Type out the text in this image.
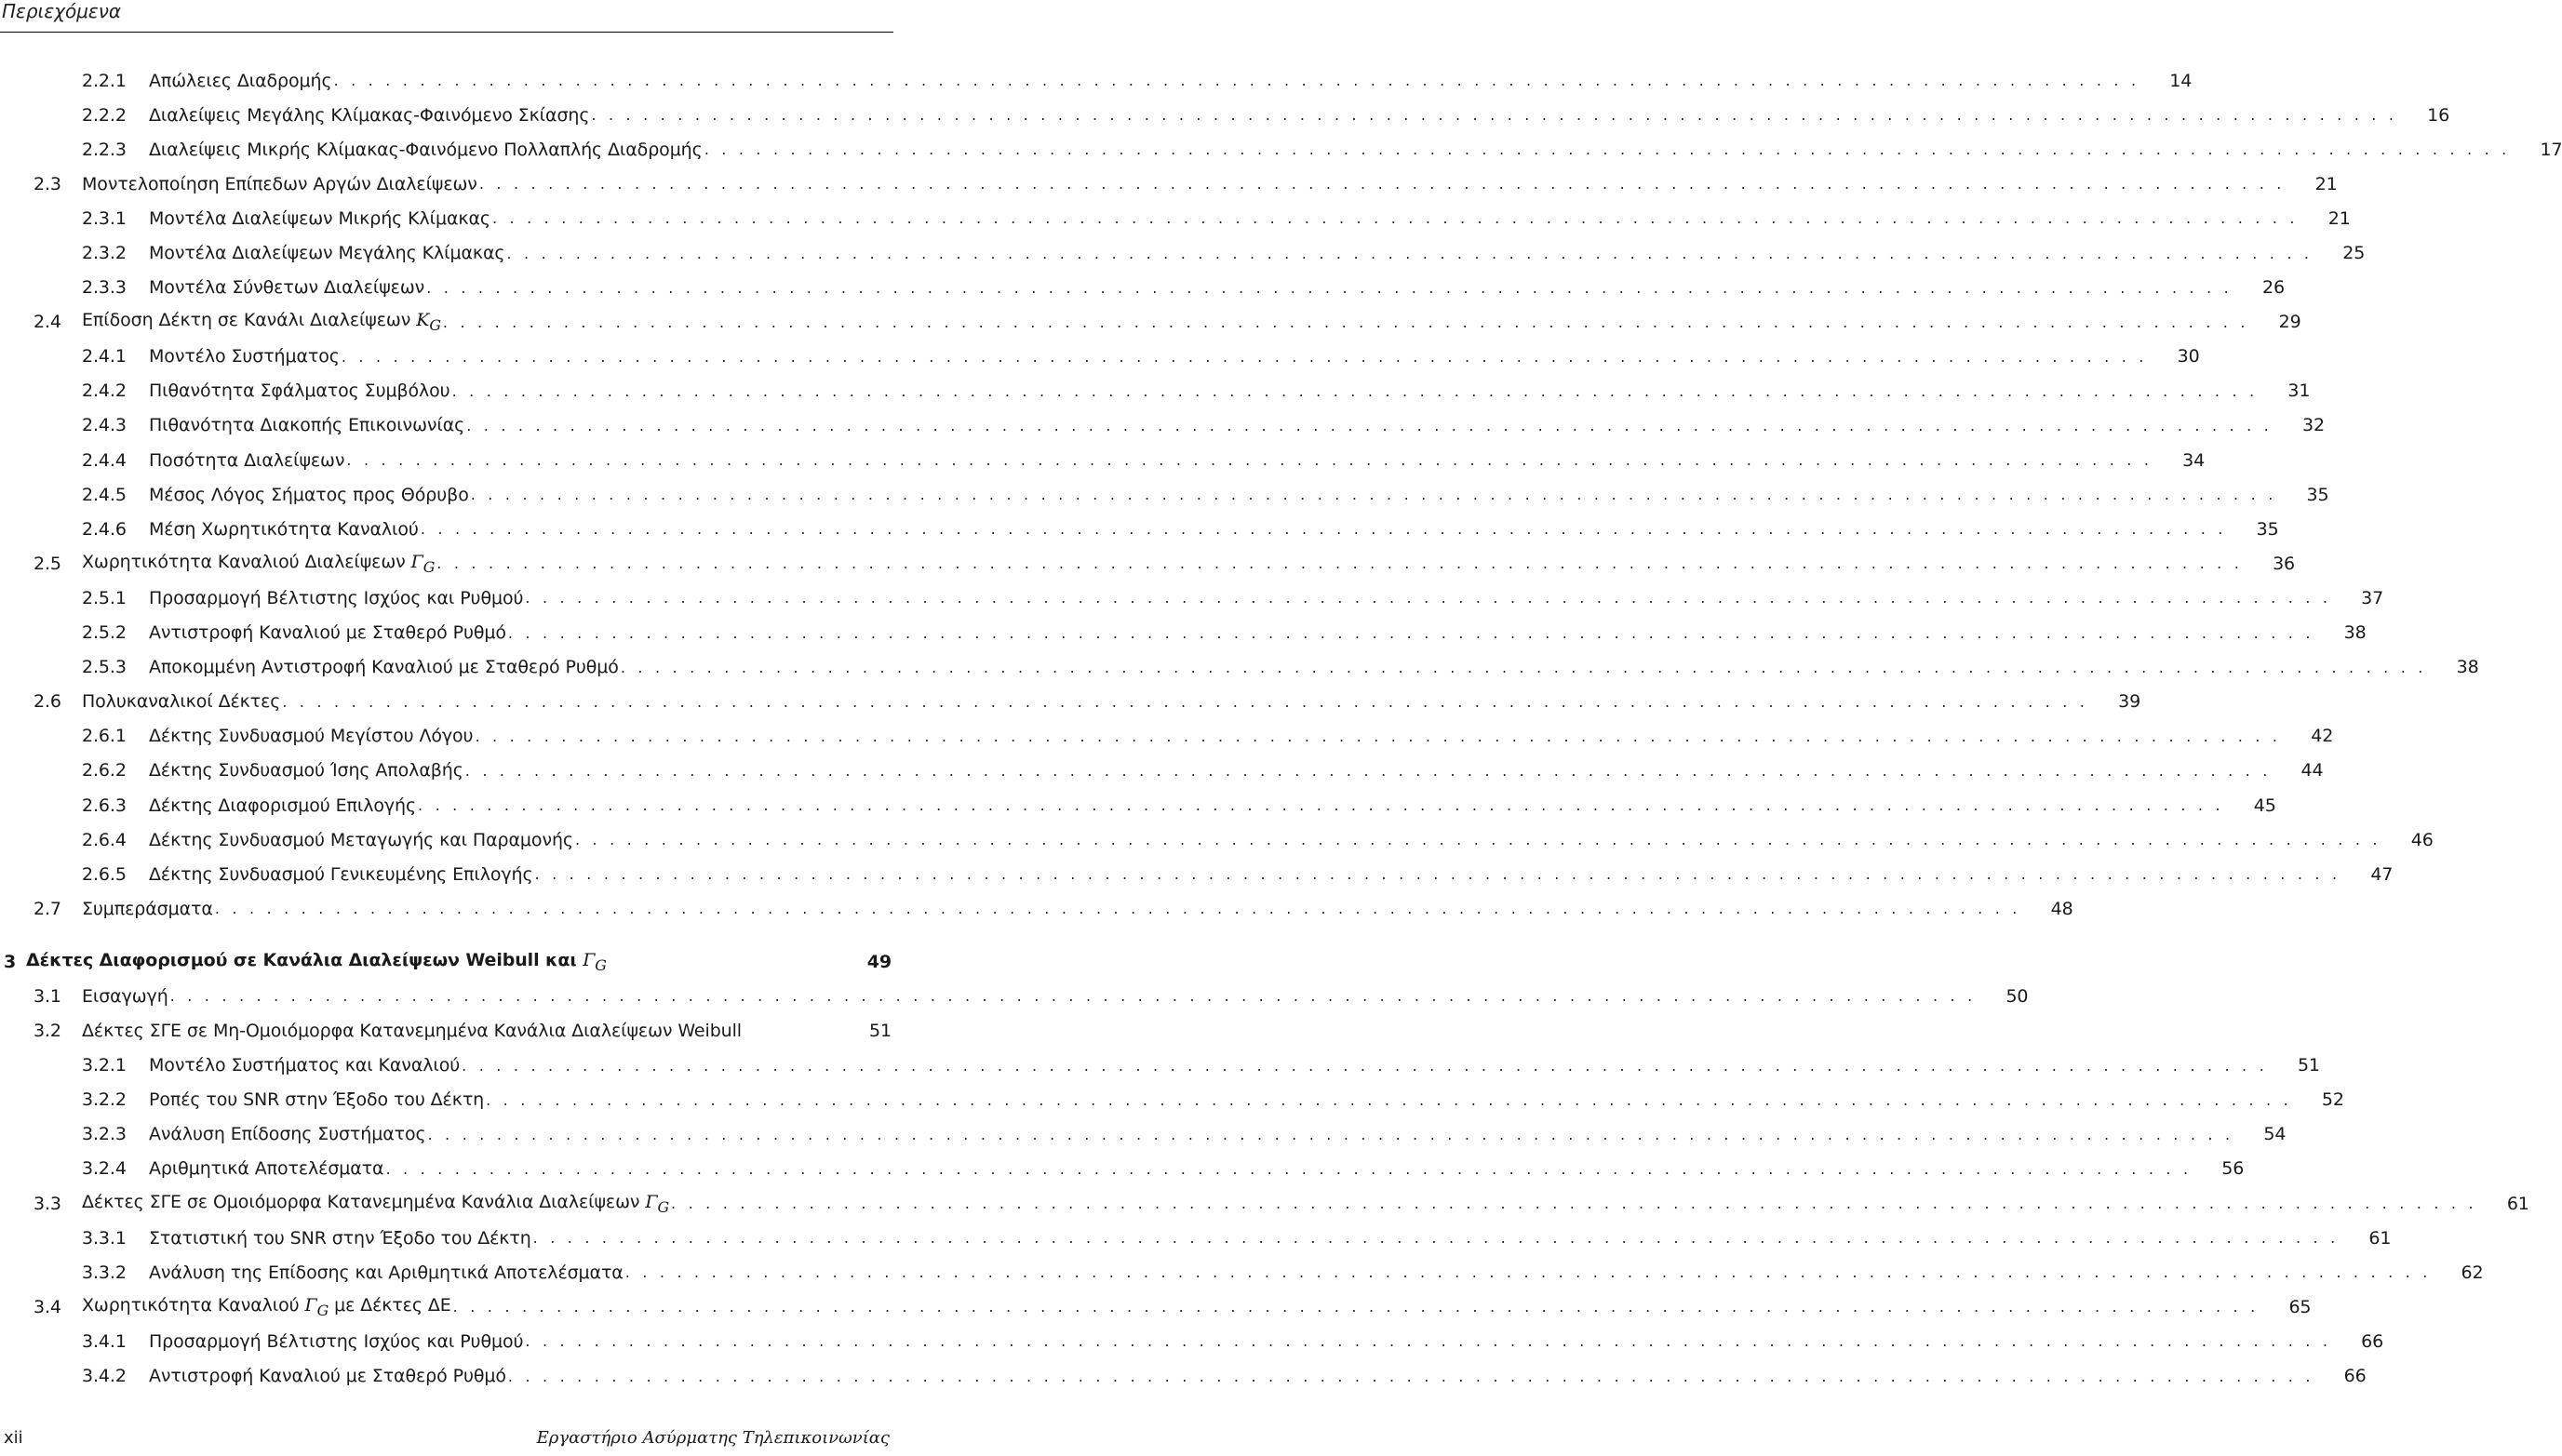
Περιεχόμενα
2.2.1	Απώλειες Διαδρομής . . . . . . . . . . . . . . . . . . . . . . . . . . . . . . . . . . . . . . . . . . . . . . . . . . . . . . . . . . . . . . . . . . . . . . . . . . . . . . . . . . . . . . . . . . . . . . . . . . . . . . . . .	14
2.2.2	Διαλείψεις Μεγάλης Κλίμακας-Φαινόμενο Σκίασης . . . . . . . . . . . . . . . . . . . . . . . . . . . . . . . . . . . . . . . . . . . . . . . . . . . . . . . . . . . . . . . . . . . . . . . . . . . . . . . . . . . . . . . . . . . . . . . . . . . . . . . . .	16
2.2.3	Διαλείψεις Μικρής Κλίμακας-Φαινόμενο Πολλαπλής Διαδρομής . . . . . . . . . . . . . . . . . . . . . . . . . . . . . . . . . . . . . . . . . . . . . . . . . . . . . . . . . . . . . . . . . . . . . . . . . . . . . . . . . . . . . . . . . . . . . . . . . . . . . . . . .	17
2.3	Μοντελοποίηση Επίπεδων Αργών Διαλείψεων . . . . . . . . . . . . . . . . . . . . . . . . . . . . . . . . . . . . . . . . . . . . . . . . . . . . . . . . . . . . . . . . . . . . . . . . . . . . . . . . . . . . . . . . . . . . . . . . . . . . . . . . .	21
2.3.1	Μοντέλα Διαλείψεων Μικρής Κλίμακας . . . . . . . . . . . . . . . . . . . . . . . . . . . . . . . . . . . . . . . . . . . . . . . . . . . . . . . . . . . . . . . . . . . . . . . . . . . . . . . . . . . . . . . . . . . . . . . . . . . . . . . . .	21
2.3.2	Μοντέλα Διαλείψεων Μεγάλης Κλίμακας . . . . . . . . . . . . . . . . . . . . . . . . . . . . . . . . . . . . . . . . . . . . . . . . . . . . . . . . . . . . . . . . . . . . . . . . . . . . . . . . . . . . . . . . . . . . . . . . . . . . . . . . .	25
2.3.3	Μοντέλα Σύνθετων Διαλείψεων . . . . . . . . . . . . . . . . . . . . . . . . . . . . . . . . . . . . . . . . . . . . . . . . . . . . . . . . . . . . . . . . . . . . . . . . . . . . . . . . . . . . . . . . . . . . . . . . . . . . . . . . .	26
2.4	Επίδοση Δέκτη σε Κανάλι Διαλείψεων $K_G$ . . . . . . . . . . . . . . . . . . . . . . . . . . . . . . . . . . . . . . . . . . . . . . . . . . . . . . . . . . . . . . . . . . . . . . . . . . . . . . . . . . . . . . . . . . . . . . . . . . . . . . . . .	29
2.4.1	Μοντέλο Συστήματος . . . . . . . . . . . . . . . . . . . . . . . . . . . . . . . . . . . . . . . . . . . . . . . . . . . . . . . . . . . . . . . . . . . . . . . . . . . . . . . . . . . . . . . . . . . . . . . . . . . . . . . . .	30
2.4.2	Πιθανότητα Σφάλματος Συμβόλου . . . . . . . . . . . . . . . . . . . . . . . . . . . . . . . . . . . . . . . . . . . . . . . . . . . . . . . . . . . . . . . . . . . . . . . . . . . . . . . . . . . . . . . . . . . . . . . . . . . . . . . . .	31
2.4.3	Πιθανότητα Διακοπής Επικοινωνίας . . . . . . . . . . . . . . . . . . . . . . . . . . . . . . . . . . . . . . . . . . . . . . . . . . . . . . . . . . . . . . . . . . . . . . . . . . . . . . . . . . . . . . . . . . . . . . . . . . . . . . . . .	32
2.4.4	Ποσότητα Διαλείψεων . . . . . . . . . . . . . . . . . . . . . . . . . . . . . . . . . . . . . . . . . . . . . . . . . . . . . . . . . . . . . . . . . . . . . . . . . . . . . . . . . . . . . . . . . . . . . . . . . . . . . . . . .	34
2.4.5	Μέσος Λόγος Σήματος προς Θόρυβο . . . . . . . . . . . . . . . . . . . . . . . . . . . . . . . . . . . . . . . . . . . . . . . . . . . . . . . . . . . . . . . . . . . . . . . . . . . . . . . . . . . . . . . . . . . . . . . . . . . . . . . . .	35
2.4.6	Μέση Χωρητικότητα Καναλιού . . . . . . . . . . . . . . . . . . . . . . . . . . . . . . . . . . . . . . . . . . . . . . . . . . . . . . . . . . . . . . . . . . . . . . . . . . . . . . . . . . . . . . . . . . . . . . . . . . . . . . . . .	35
2.5	Χωρητικότητα Καναλιού Διαλείψεων $\Gamma_G$ . . . . . . . . . . . . . . . . . . . . . . . . . . . . . . . . . . . . . . . . . . . . . . . . . . . . . . . . . . . . . . . . . . . . . . . . . . . . . . . . . . . . . . . . . . . . . . . . . . . . . . . . .	36
2.5.1	Προσαρμογή Βέλτιστης Ισχύος και Ρυθμού . . . . . . . . . . . . . . . . . . . . . . . . . . . . . . . . . . . . . . . . . . . . . . . . . . . . . . . . . . . . . . . . . . . . . . . . . . . . . . . . . . . . . . . . . . . . . . . . . . . . . . . . .	37
2.5.2	Αντιστροφή Καναλιού με Σταθερό Ρυθμό . . . . . . . . . . . . . . . . . . . . . . . . . . . . . . . . . . . . . . . . . . . . . . . . . . . . . . . . . . . . . . . . . . . . . . . . . . . . . . . . . . . . . . . . . . . . . . . . . . . . . . . . .	38
2.5.3	Αποκομμένη Αντιστροφή Καναλιού με Σταθερό Ρυθμό . . . . . . . . . . . . . . . . . . . . . . . . . . . . . . . . . . . . . . . . . . . . . . . . . . . . . . . . . . . . . . . . . . . . . . . . . . . . . . . . . . . . . . . . . . . . . . . . . . . . . . . . .	38
2.6	Πολυκαναλικοί Δέκτες . . . . . . . . . . . . . . . . . . . . . . . . . . . . . . . . . . . . . . . . . . . . . . . . . . . . . . . . . . . . . . . . . . . . . . . . . . . . . . . . . . . . . . . . . . . . . . . . . . . . . . . . .	39
2.6.1	Δέκτης Συνδυασμού Μεγίστου Λόγου . . . . . . . . . . . . . . . . . . . . . . . . . . . . . . . . . . . . . . . . . . . . . . . . . . . . . . . . . . . . . . . . . . . . . . . . . . . . . . . . . . . . . . . . . . . . . . . . . . . . . . . . .	42
2.6.2	Δέκτης Συνδυασμού Ίσης Απολαβής . . . . . . . . . . . . . . . . . . . . . . . . . . . . . . . . . . . . . . . . . . . . . . . . . . . . . . . . . . . . . . . . . . . . . . . . . . . . . . . . . . . . . . . . . . . . . . . . . . . . . . . . .	44
2.6.3	Δέκτης Διαφορισμού Επιλογής . . . . . . . . . . . . . . . . . . . . . . . . . . . . . . . . . . . . . . . . . . . . . . . . . . . . . . . . . . . . . . . . . . . . . . . . . . . . . . . . . . . . . . . . . . . . . . . . . . . . . . . . .	45
2.6.4	Δέκτης Συνδυασμού Μεταγωγής και Παραμονής . . . . . . . . . . . . . . . . . . . . . . . . . . . . . . . . . . . . . . . . . . . . . . . . . . . . . . . . . . . . . . . . . . . . . . . . . . . . . . . . . . . . . . . . . . . . . . . . . . . . . . . . .	46
2.6.5	Δέκτης Συνδυασμού Γενικευμένης Επιλογής . . . . . . . . . . . . . . . . . . . . . . . . . . . . . . . . . . . . . . . . . . . . . . . . . . . . . . . . . . . . . . . . . . . . . . . . . . . . . . . . . . . . . . . . . . . . . . . . . . . . . . . . .	47
2.7	Συμπεράσματα . . . . . . . . . . . . . . . . . . . . . . . . . . . . . . . . . . . . . . . . . . . . . . . . . . . . . . . . . . . . . . . . . . . . . . . . . . . . . . . . . . . . . . . . . . . . . . . . . . . . . . . . .	48
3 Δέκτες Διαφορισμού σε Κανάλια Διαλείψεων Weibull και $\Gamma_G$	49
3.1	Εισαγωγή . . . . . . . . . . . . . . . . . . . . . . . . . . . . . . . . . . . . . . . . . . . . . . . . . . . . . . . . . . . . . . . . . . . . . . . . . . . . . . . . . . . . . . . . . . . . . . . . . . . . . . . . .	50
3.2	Δέκτες ΣΓΕ σε Μη-Ομοιόμορφα Κατανεμημένα Κανάλια Διαλείψεων Weibull	51
3.2.1	Μοντέλο Συστήματος και Καναλιού . . . . . . . . . . . . . . . . . . . . . . . . . . . . . . . . . . . . . . . . . . . . . . . . . . . . . . . . . . . . . . . . . . . . . . . . . . . . . . . . . . . . . . . . . . . . . . . . . . . . . . . . .	51
3.2.2	Ροπές του SNR στην Έξοδο του Δέκτη . . . . . . . . . . . . . . . . . . . . . . . . . . . . . . . . . . . . . . . . . . . . . . . . . . . . . . . . . . . . . . . . . . . . . . . . . . . . . . . . . . . . . . . . . . . . . . . . . . . . . . . . .	52
3.2.3	Ανάλυση Επίδοσης Συστήματος . . . . . . . . . . . . . . . . . . . . . . . . . . . . . . . . . . . . . . . . . . . . . . . . . . . . . . . . . . . . . . . . . . . . . . . . . . . . . . . . . . . . . . . . . . . . . . . . . . . . . . . . .	54
3.2.4	Αριθμητικά Αποτελέσματα . . . . . . . . . . . . . . . . . . . . . . . . . . . . . . . . . . . . . . . . . . . . . . . . . . . . . . . . . . . . . . . . . . . . . . . . . . . . . . . . . . . . . . . . . . . . . . . . . . . . . . . . .	56
3.3	Δέκτες ΣΓΕ σε Ομοιόμορφα Κατανεμημένα Κανάλια Διαλείψεων $\Gamma_G$ . . . . . . . . . . . . . . . . . . . . . . . . . . . . . . . . . . . . . . . . . . . . . . . . . . . . . . . . . . . . . . . . . . . . . . . . . . . . . . . . . . . . . . . . . . . . . . . . . . . . . . . . .	61
3.3.1	Στατιστική του SNR στην Έξοδο του Δέκτη . . . . . . . . . . . . . . . . . . . . . . . . . . . . . . . . . . . . . . . . . . . . . . . . . . . . . . . . . . . . . . . . . . . . . . . . . . . . . . . . . . . . . . . . . . . . . . . . . . . . . . . . .	61
3.3.2	Ανάλυση της Επίδοσης και Αριθμητικά Αποτελέσματα . . . . . . . . . . . . . . . . . . . . . . . . . . . . . . . . . . . . . . . . . . . . . . . . . . . . . . . . . . . . . . . . . . . . . . . . . . . . . . . . . . . . . . . . . . . . . . . . . . . . . . . . .	62
3.4	Χωρητικότητα Καναλιού $\Gamma_G$ με Δέκτες ΔΕ . . . . . . . . . . . . . . . . . . . . . . . . . . . . . . . . . . . . . . . . . . . . . . . . . . . . . . . . . . . . . . . . . . . . . . . . . . . . . . . . . . . . . . . . . . . . . . . . . . . . . . . . .	65
3.4.1	Προσαρμογή Βέλτιστης Ισχύος και Ρυθμού . . . . . . . . . . . . . . . . . . . . . . . . . . . . . . . . . . . . . . . . . . . . . . . . . . . . . . . . . . . . . . . . . . . . . . . . . . . . . . . . . . . . . . . . . . . . . . . . . . . . . . . . .	66
3.4.2	Αντιστροφή Καναλιού με Σταθερό Ρυθμό . . . . . . . . . . . . . . . . . . . . . . . . . . . . . . . . . . . . . . . . . . . . . . . . . . . . . . . . . . . . . . . . . . . . . . . . . . . . . . . . . . . . . . . . . . . . . . . . . . . . . . . . .	66
xii	Εργαστήριο Ασύρματης Τηλεπικοινωνίας
